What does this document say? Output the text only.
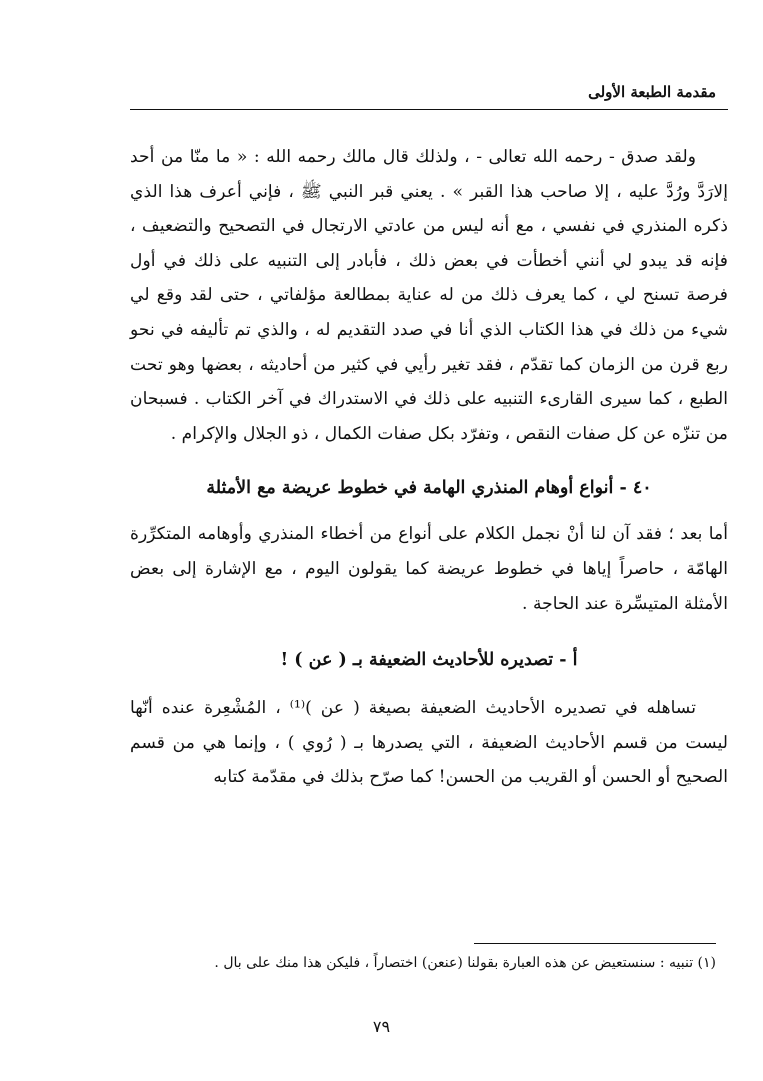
مقدمة الطبعة الأولى

ولقد صدق - رحمه الله تعالى - ، ولذلك قال مالك رحمه الله : « ما منّا من أحد إلارَدَّ ورُدَّ عليه ، إلا صاحب هذا القبر » . يعني قبر النبي ﷺ ، فإني أعرف هذا الذي ذكره المنذري في نفسي ، مع أنه ليس من عادتي الارتجال في التصحيح والتضعيف ، فإنه قد يبدو لي أنني أخطأت في بعض ذلك ، فأبادر إلى التنبيه على ذلك في أول فرصة تسنح لي ، كما يعرف ذلك من له عناية بمطالعة مؤلفاتي ، حتى لقد وقع لي شيء من ذلك في هذا الكتاب الذي أنا في صدد التقديم له ، والذي تم تأليفه في نحو ربع قرن من الزمان كما تقدّم ، فقد تغير رأيي في كثير من أحاديثه ، بعضها وهو تحت الطبع ، كما سيرى القارىء التنبيه على ذلك في الاستدراك في آخر الكتاب . فسبحان من تنزّه عن كل صفات النقص ، وتفرّد بكل صفات الكمال ، ذو الجلال والإكرام .

٤٠ - أنواع أوهام المنذري الهامة في خطوط عريضة مع الأمثلة

أما بعد ؛ فقد آن لنا أنْ نجمل الكلام على أنواع من أخطاء المنذري وأوهامه المتكرِّرة الهامّة ، حاصراً إياها في خطوط عريضة كما يقولون اليوم ، مع الإشارة إلى بعض الأمثلة المتيسِّرة عند الحاجة .

أ - تصديره للأحاديث الضعيفة بـ ( عن ) !

تساهله في تصديره الأحاديث الضعيفة بصيغة ( عن )⁽¹⁾ ، المُشْعِرة عنده أنّها ليست من قسم الأحاديث الضعيفة ، التي يصدرها بـ ( رُوي ) ، وإنما هي من قسم الصحيح أو الحسن أو القريب من الحسن! كما صرّح بذلك في مقدّمة كتابه

(١) تنبيه : سنستعيض عن هذه العبارة بقولنا (عنعن) اختصاراً ، فليكن هذا منك على بال .
٧٩
